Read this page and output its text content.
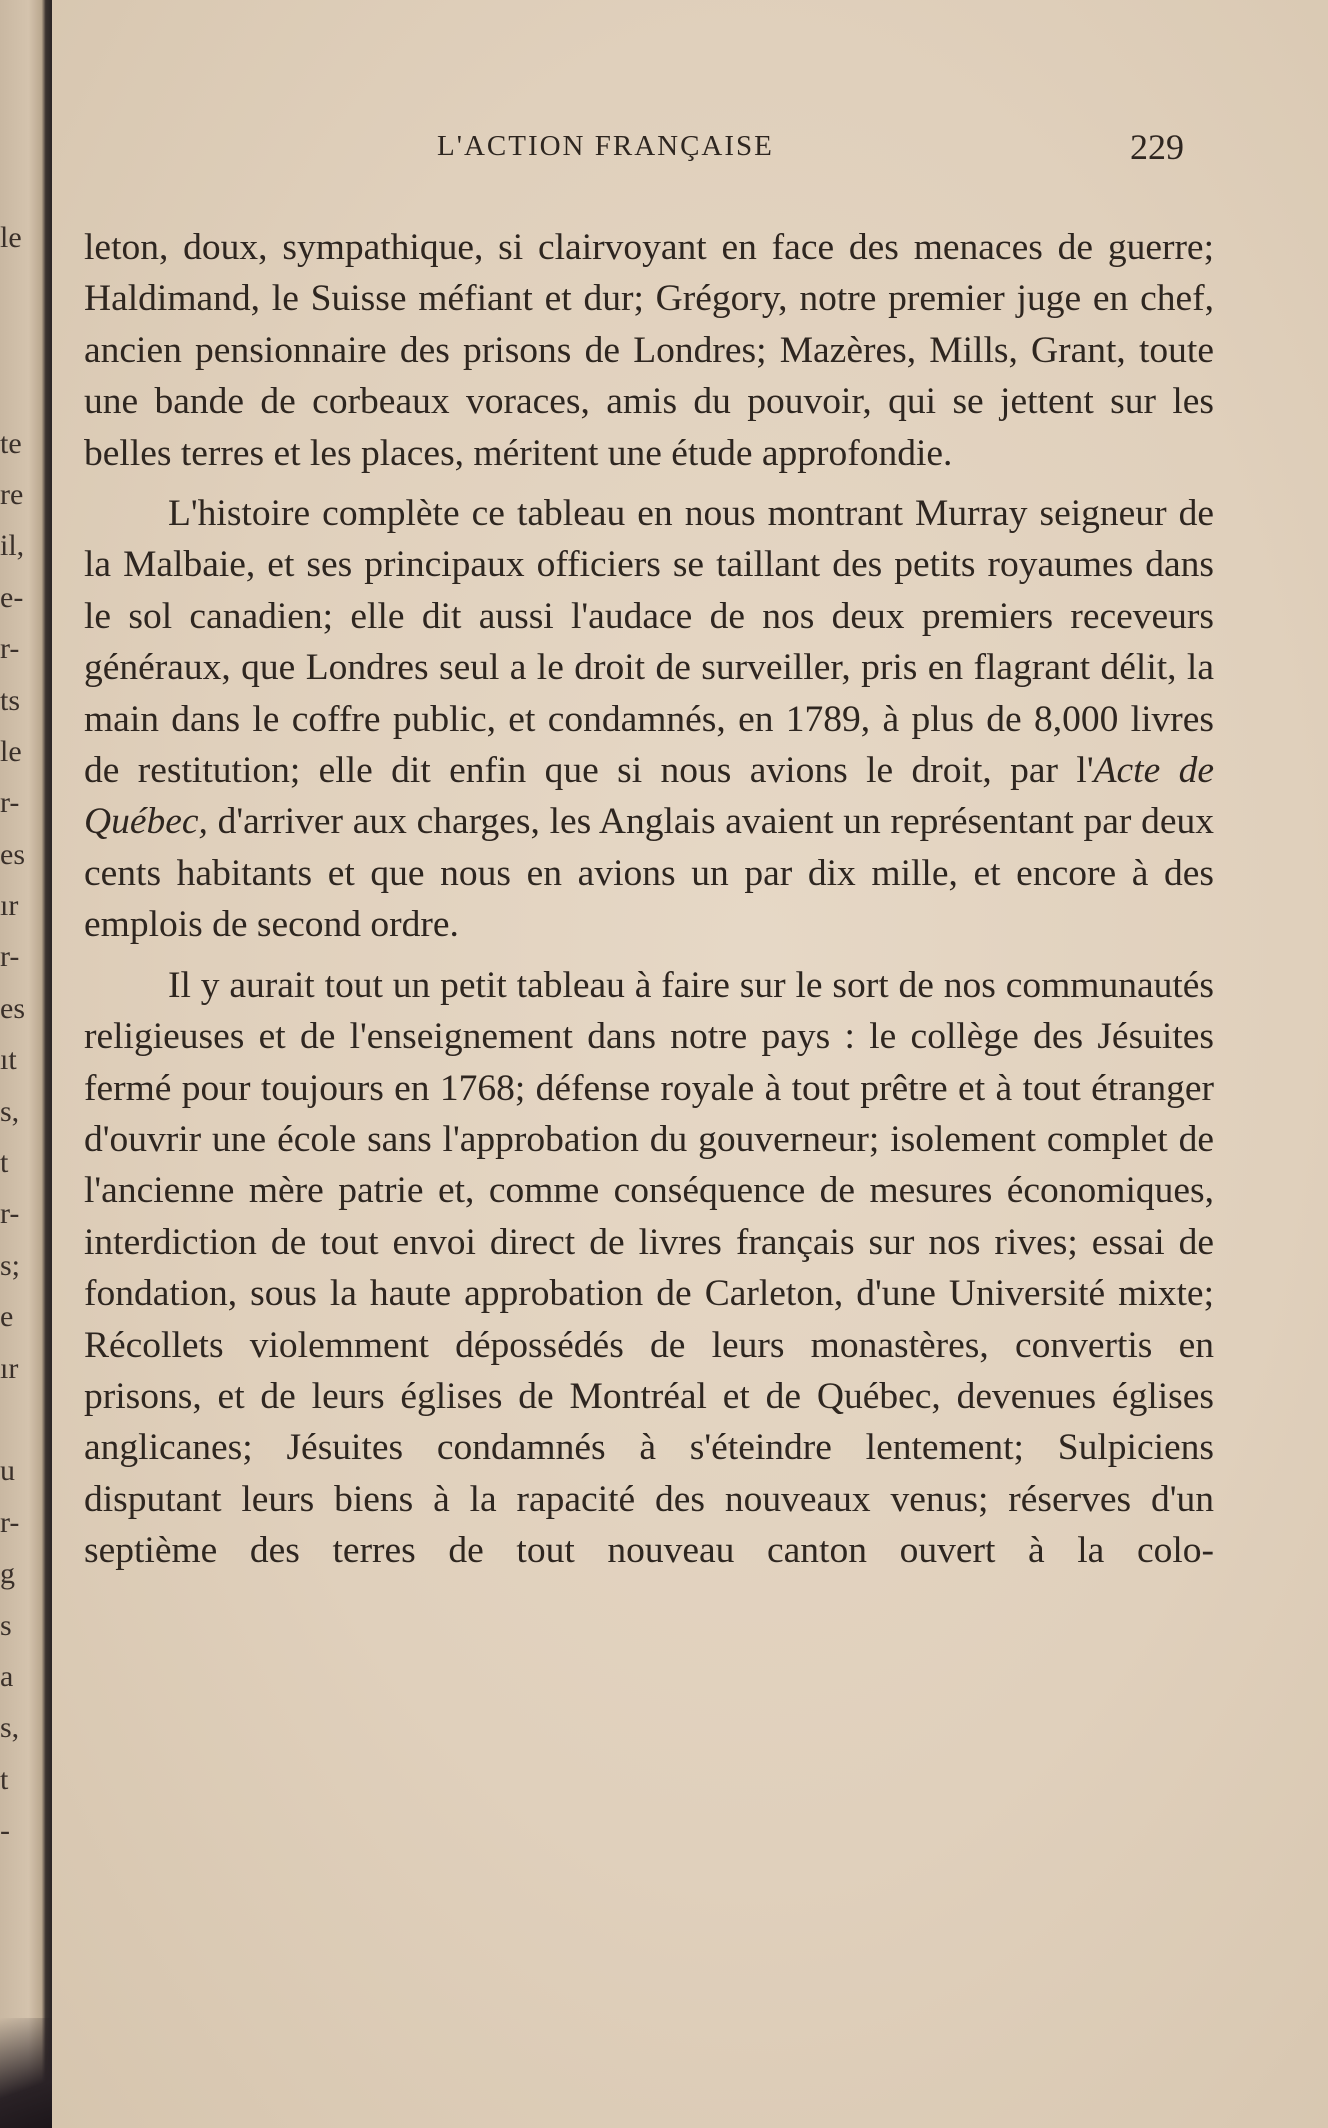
le
te
re
il,
e-
r-
ts
le
r-
es
ır
r-
es
ıt
s,
t
r-
s;
e
ır
u
r-
g
s
a
s,
t
-
L'ACTION FRANÇAISE	229

leton, doux, sympathique, si clairvoyant en face des menaces de guerre; Haldimand, le Suisse méfiant et dur; Grégory, notre premier juge en chef, ancien pensionnaire des prisons de Londres; Mazères, Mills, Grant, toute une bande de corbeaux voraces, amis du pouvoir, qui se jettent sur les belles terres et les places, méritent une étude approfondie.

L'histoire complète ce tableau en nous montrant Murray seigneur de la Malbaie, et ses principaux officiers se taillant des petits royaumes dans le sol canadien; elle dit aussi l'audace de nos deux premiers receveurs généraux, que Londres seul a le droit de surveiller, pris en flagrant délit, la main dans le coffre public, et condamnés, en 1789, à plus de 8,000 livres de restitution; elle dit enfin que si nous avions le droit, par l'Acte de Québec, d'arriver aux charges, les Anglais avaient un représentant par deux cents habitants et que nous en avions un par dix mille, et encore à des emplois de second ordre.

Il y aurait tout un petit tableau à faire sur le sort de nos communautés religieuses et de l'enseignement dans notre pays : le collège des Jésuites fermé pour toujours en 1768; défense royale à tout prêtre et à tout étranger d'ouvrir une école sans l'approbation du gouverneur; isolement complet de l'ancienne mère patrie et, comme conséquence de mesures économiques, interdiction de tout envoi direct de livres français sur nos rives; essai de fondation, sous la haute approbation de Carleton, d'une Université mixte; Récollets violemment dépossédés de leurs monastères, convertis en prisons, et de leurs églises de Montréal et de Québec, devenues églises anglicanes; Jésuites condamnés à s'éteindre lentement; Sulpiciens disputant leurs biens à la rapacité des nouveaux venus; réserves d'un septième des terres de tout nouveau canton ouvert à la colo-
